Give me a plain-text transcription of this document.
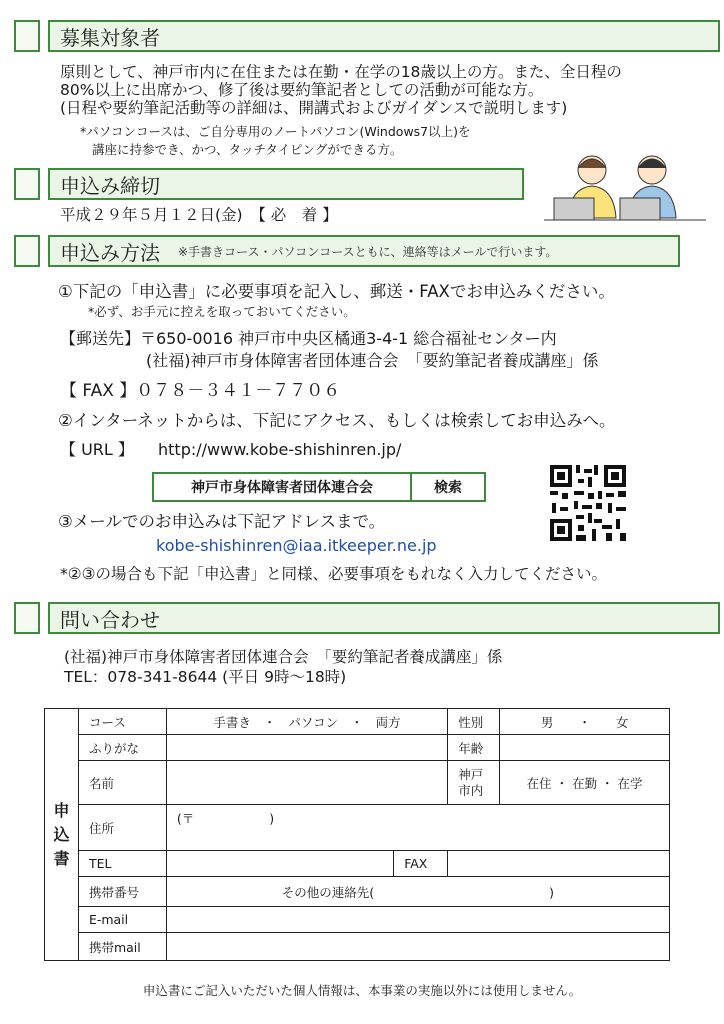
募集対象者
原則として、神戸市内に在住または在勤・在学の18歳以上の方。また、全日程の
80%以上に出席かつ、修了後は要約筆記者としての活動が可能な方。
(日程や要約筆記活動等の詳細は、開講式およびガイダンスで説明します)
*パソコンコースは、ご自分専用のノートパソコン(Windows7以上)を
講座に持参でき、かつ、タッチタイピングができる方。
申込み締切
平成２９年５月１２日(金)　【 必　着 】
申込み方法 ※手書きコース・パソコンコースともに、連絡等はメールで行います。
①下記の「申込書」に必要事項を記入し、郵送・FAXでお申込みください。
*必ず、お手元に控えを取っておいてください。
【郵送先】〒650-0016 神戸市中央区橘通3-4-1 総合福祉センター内
(社福)神戸市身体障害者団体連合会　「要約筆記者養成講座」係
【 FAX 】０７８－３４１－７７０６
②インターネットからは、下記にアクセス、もしくは検索してお申込みへ。
【 URL 】 http://www.kobe-shishinren.jp/
神戸市身体障害者団体連合会	検索
③メールでのお申込みは下記アドレスまで。
kobe-shishinren@iaa.itkeeper.ne.jp
*②③の場合も下記「申込書」と同様、必要事項をもれなく入力してください。
問い合わせ
(社福)神戸市身体障害者団体連合会　「要約筆記者養成講座」係
TEL：078-341-8644 (平日 9時～18時)
申込書	コース	手書き　・　パソコン　・　両方		性別	男　　・　　女
	ふりがな			年齢	
	名前			神戸市内	在住 ・ 在勤 ・ 在学
	住所	(〒　　　　　　)			
	TEL		FAX		
	携帯番号	その他の連絡先(　　　　　　　　　　　　　　)			
	E-mail				
	携帯mail				
申込書にご記入いただいた個人情報は、本事業の実施以外には使用しません。
